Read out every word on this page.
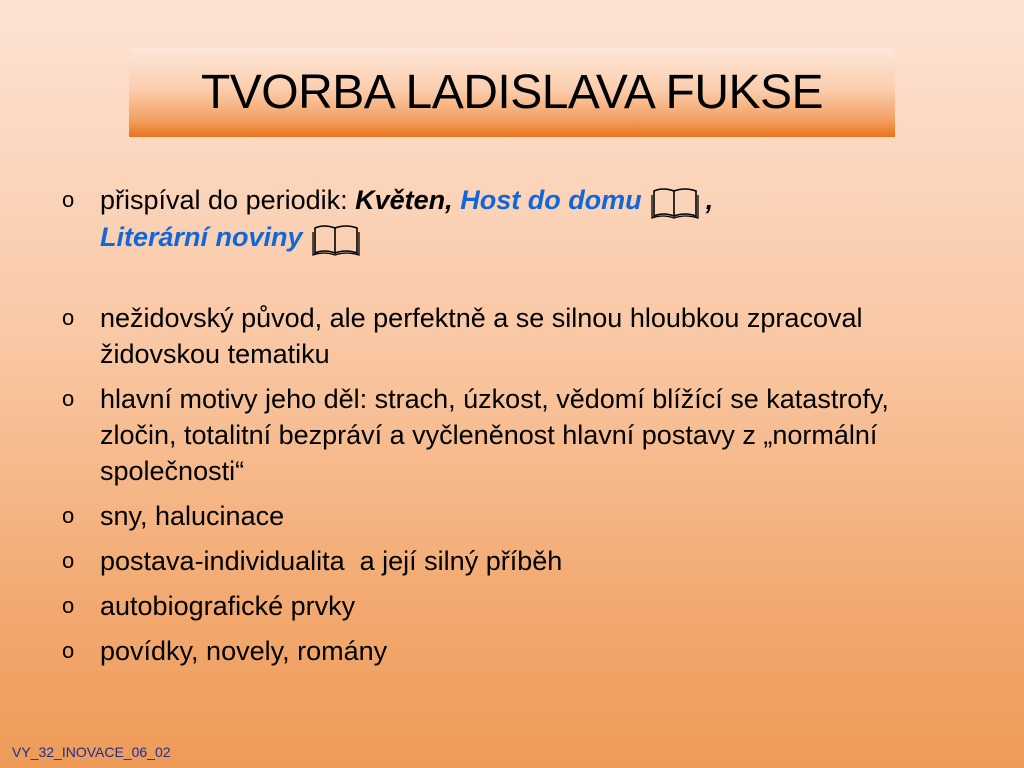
TVORBA LADISLAVA FUKSE
o přispíval do periodik: Květen, Host do domu ,
Literární noviny
o nežidovský původ, ale perfektně a se silnou hloubkou zpracoval židovskou tematiku
o hlavní motivy jeho děl: strach, úzkost, vědomí blížící se katastrofy, zločin, totalitní bezpráví a vyčleněnost hlavní postavy z „normální společnosti“
o sny, halucinace
o postava-individualita  a její silný příběh
o autobiografické prvky
o povídky, novely, romány
VY_32_INOVACE_06_02
